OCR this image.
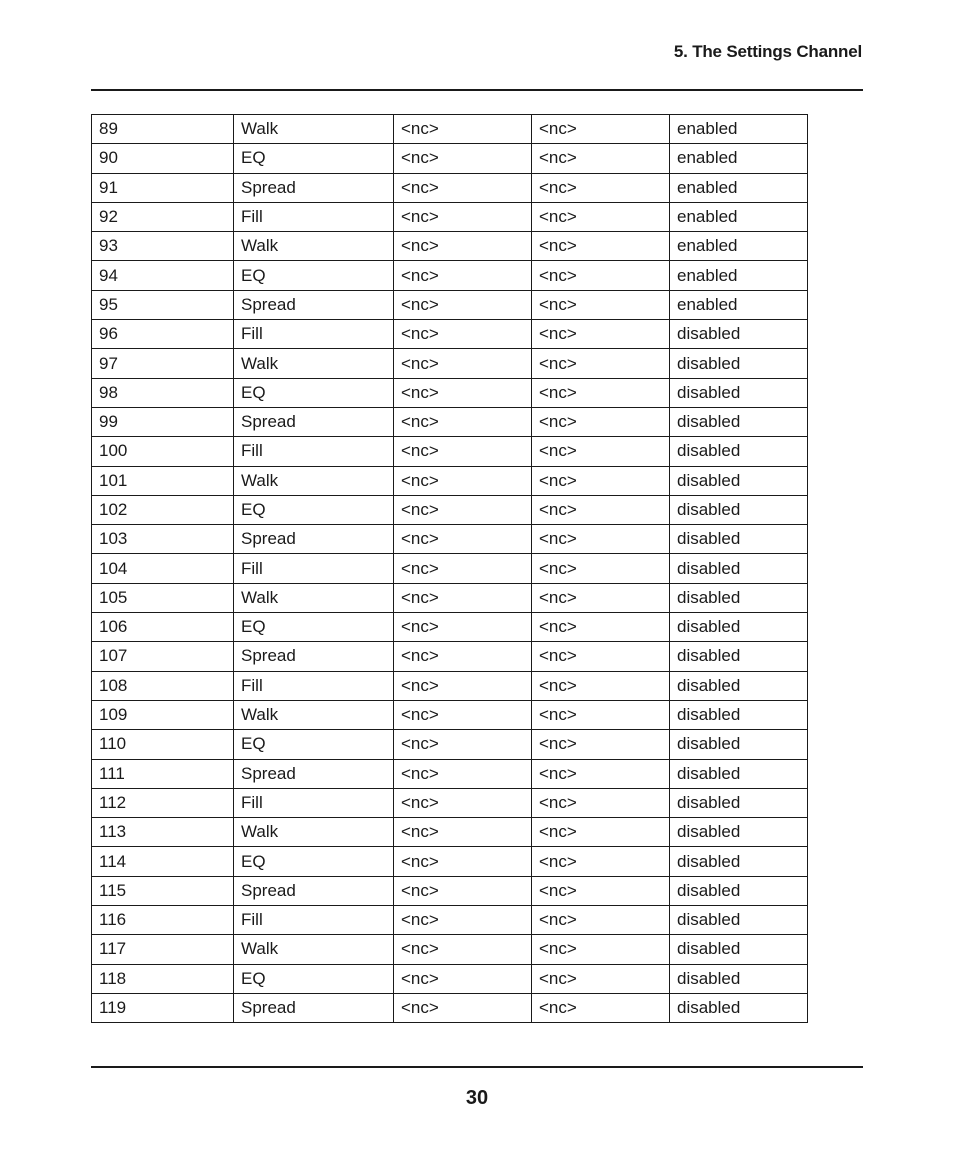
5. The Settings Channel
89	Walk	<nc>	<nc>	enabled
90	EQ	<nc>	<nc>	enabled
91	Spread	<nc>	<nc>	enabled
92	Fill	<nc>	<nc>	enabled
93	Walk	<nc>	<nc>	enabled
94	EQ	<nc>	<nc>	enabled
95	Spread	<nc>	<nc>	enabled
96	Fill	<nc>	<nc>	disabled
97	Walk	<nc>	<nc>	disabled
98	EQ	<nc>	<nc>	disabled
99	Spread	<nc>	<nc>	disabled
100	Fill	<nc>	<nc>	disabled
101	Walk	<nc>	<nc>	disabled
102	EQ	<nc>	<nc>	disabled
103	Spread	<nc>	<nc>	disabled
104	Fill	<nc>	<nc>	disabled
105	Walk	<nc>	<nc>	disabled
106	EQ	<nc>	<nc>	disabled
107	Spread	<nc>	<nc>	disabled
108	Fill	<nc>	<nc>	disabled
109	Walk	<nc>	<nc>	disabled
110	EQ	<nc>	<nc>	disabled
111	Spread	<nc>	<nc>	disabled
112	Fill	<nc>	<nc>	disabled
113	Walk	<nc>	<nc>	disabled
114	EQ	<nc>	<nc>	disabled
115	Spread	<nc>	<nc>	disabled
116	Fill	<nc>	<nc>	disabled
117	Walk	<nc>	<nc>	disabled
118	EQ	<nc>	<nc>	disabled
119	Spread	<nc>	<nc>	disabled
30
